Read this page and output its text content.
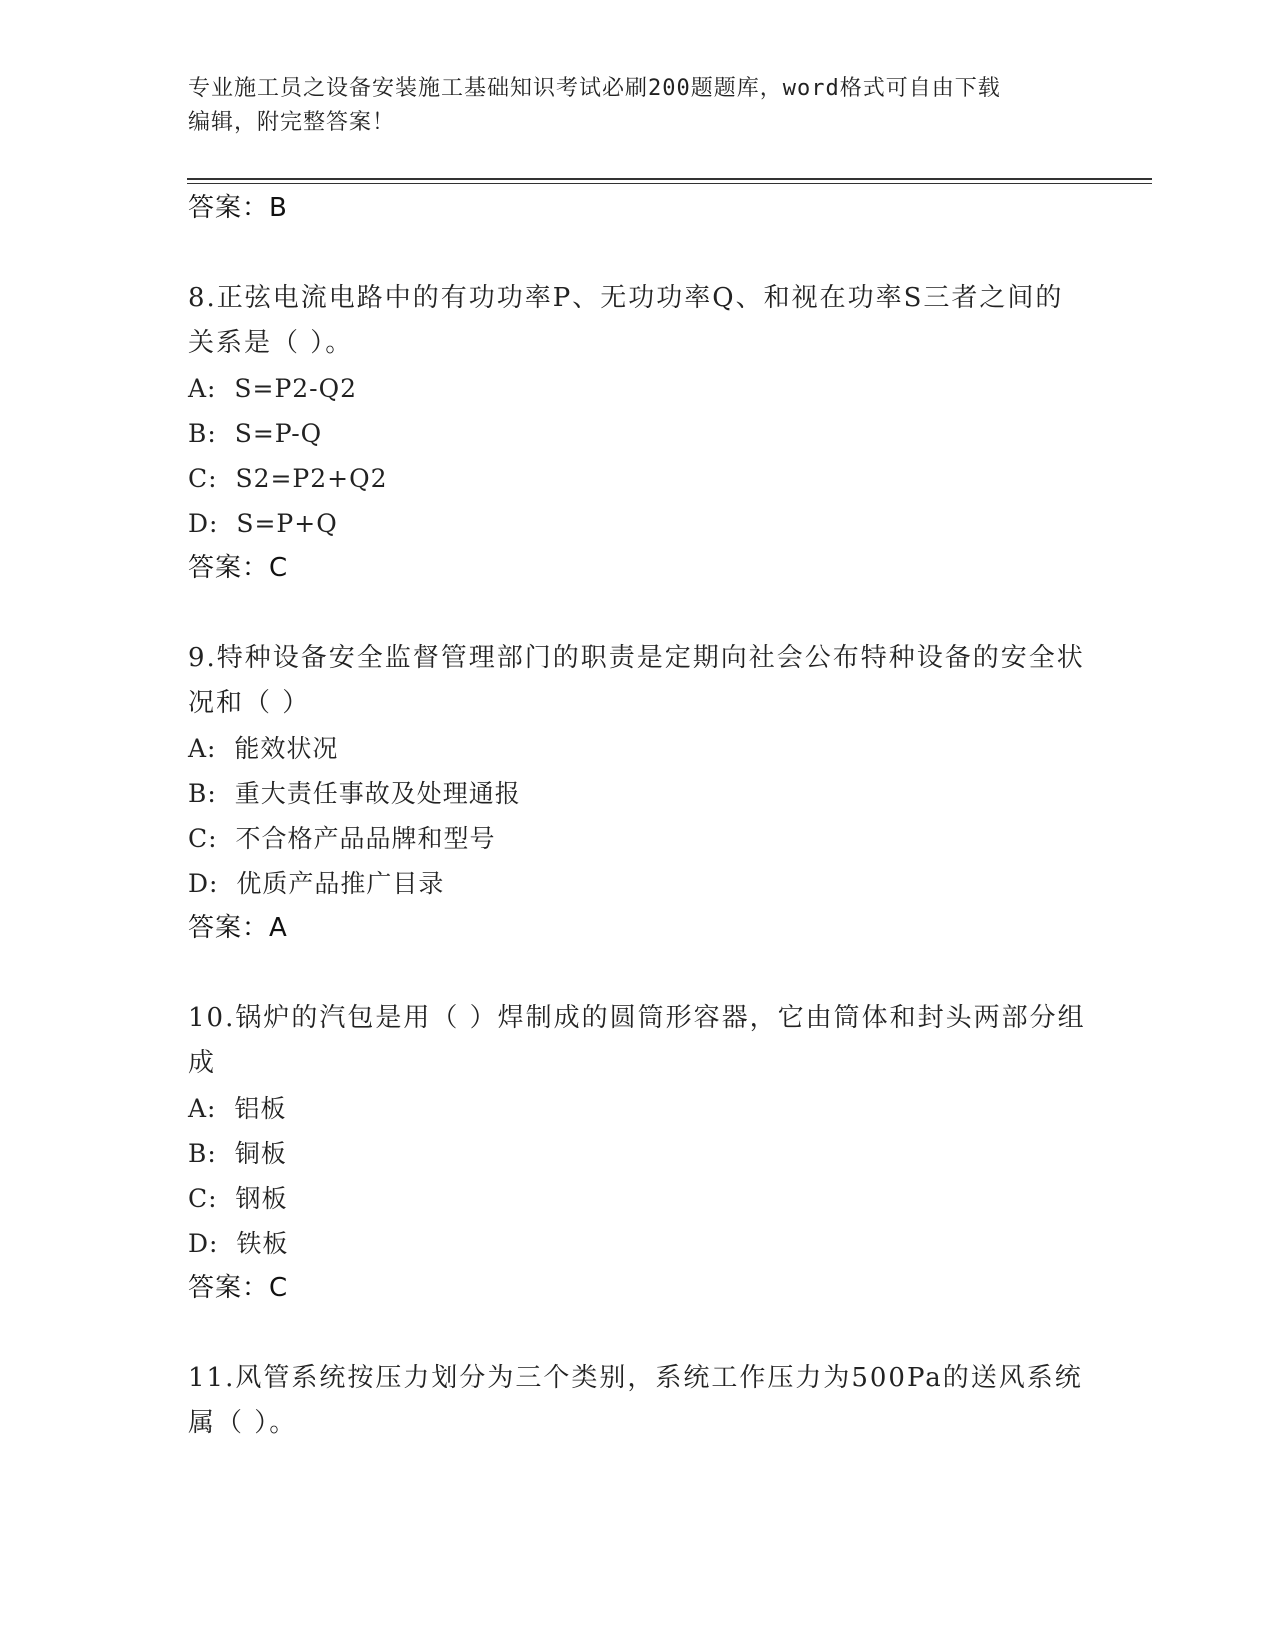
专业施工员之设备安装施工基础知识考试必刷200题题库，word格式可自由下载
编辑，附完整答案！
答案：B
8.正弦电流电路中的有功功率P、无功功率Q、和视在功率S三者之间的关系是（ ）。
A:  S=P2-Q2
B:  S=P-Q
C:  S2=P2+Q2
D:  S=P+Q
答案：C
9.特种设备安全监督管理部门的职责是定期向社会公布特种设备的安全状况和（ ）
A:  能效状况
B:  重大责任事故及处理通报
C:  不合格产品品牌和型号
D:  优质产品推广目录
答案：A
10.锅炉的汽包是用（ ）焊制成的圆筒形容器，它由筒体和封头两部分组成
A:  铝板
B:  铜板
C:  钢板
D:  铁板
答案：C
11.风管系统按压力划分为三个类别，系统工作压力为500Pa的送风系统属（ ）。
